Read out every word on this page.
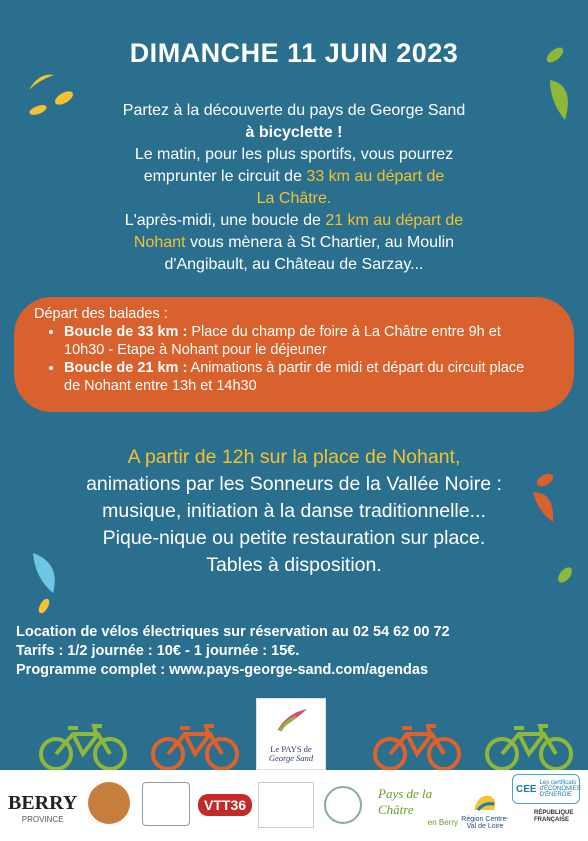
DIMANCHE 11 JUIN 2023
Partez à la découverte du pays de George Sand
à bicyclette !
Le matin, pour les plus sportifs, vous pourrez
emprunter le circuit de 33 km au départ de
La Châtre.
L'après-midi, une boucle de 21 km au départ de
Nohant vous mènera à St Chartier, au Moulin
d'Angibault, au Château de Sarzay...
Départ des balades :
• Boucle de 33 km : Place du champ de foire à La Châtre entre 9h et 10h30 - Etape à Nohant pour le déjeuner
• Boucle de 21 km : Animations à partir de midi et départ du circuit place de Nohant entre 13h et 14h30
A partir de 12h sur la place de Nohant,
animations par les Sonneurs de la Vallée Noire :
musique, initiation à la danse traditionnelle...
Pique-nique ou petite restauration sur place.
Tables à disposition.
Location de vélos électriques sur réservation au 02 54 62 00 72
Tarifs : 1/2 journée : 10€ - 1 journée : 15€.
Programme complet : www.pays-george-sand.com/agendas
Le PAYS de
George Sand
BERRY
PROVINCE
VTT36
Pays de la Châtre
en Berry Région Centre-Val de Loire
CEE
Les certificats d'ÉCONOMIES D'ÉNERGIE
RÉPUBLIQUE FRANÇAISE
